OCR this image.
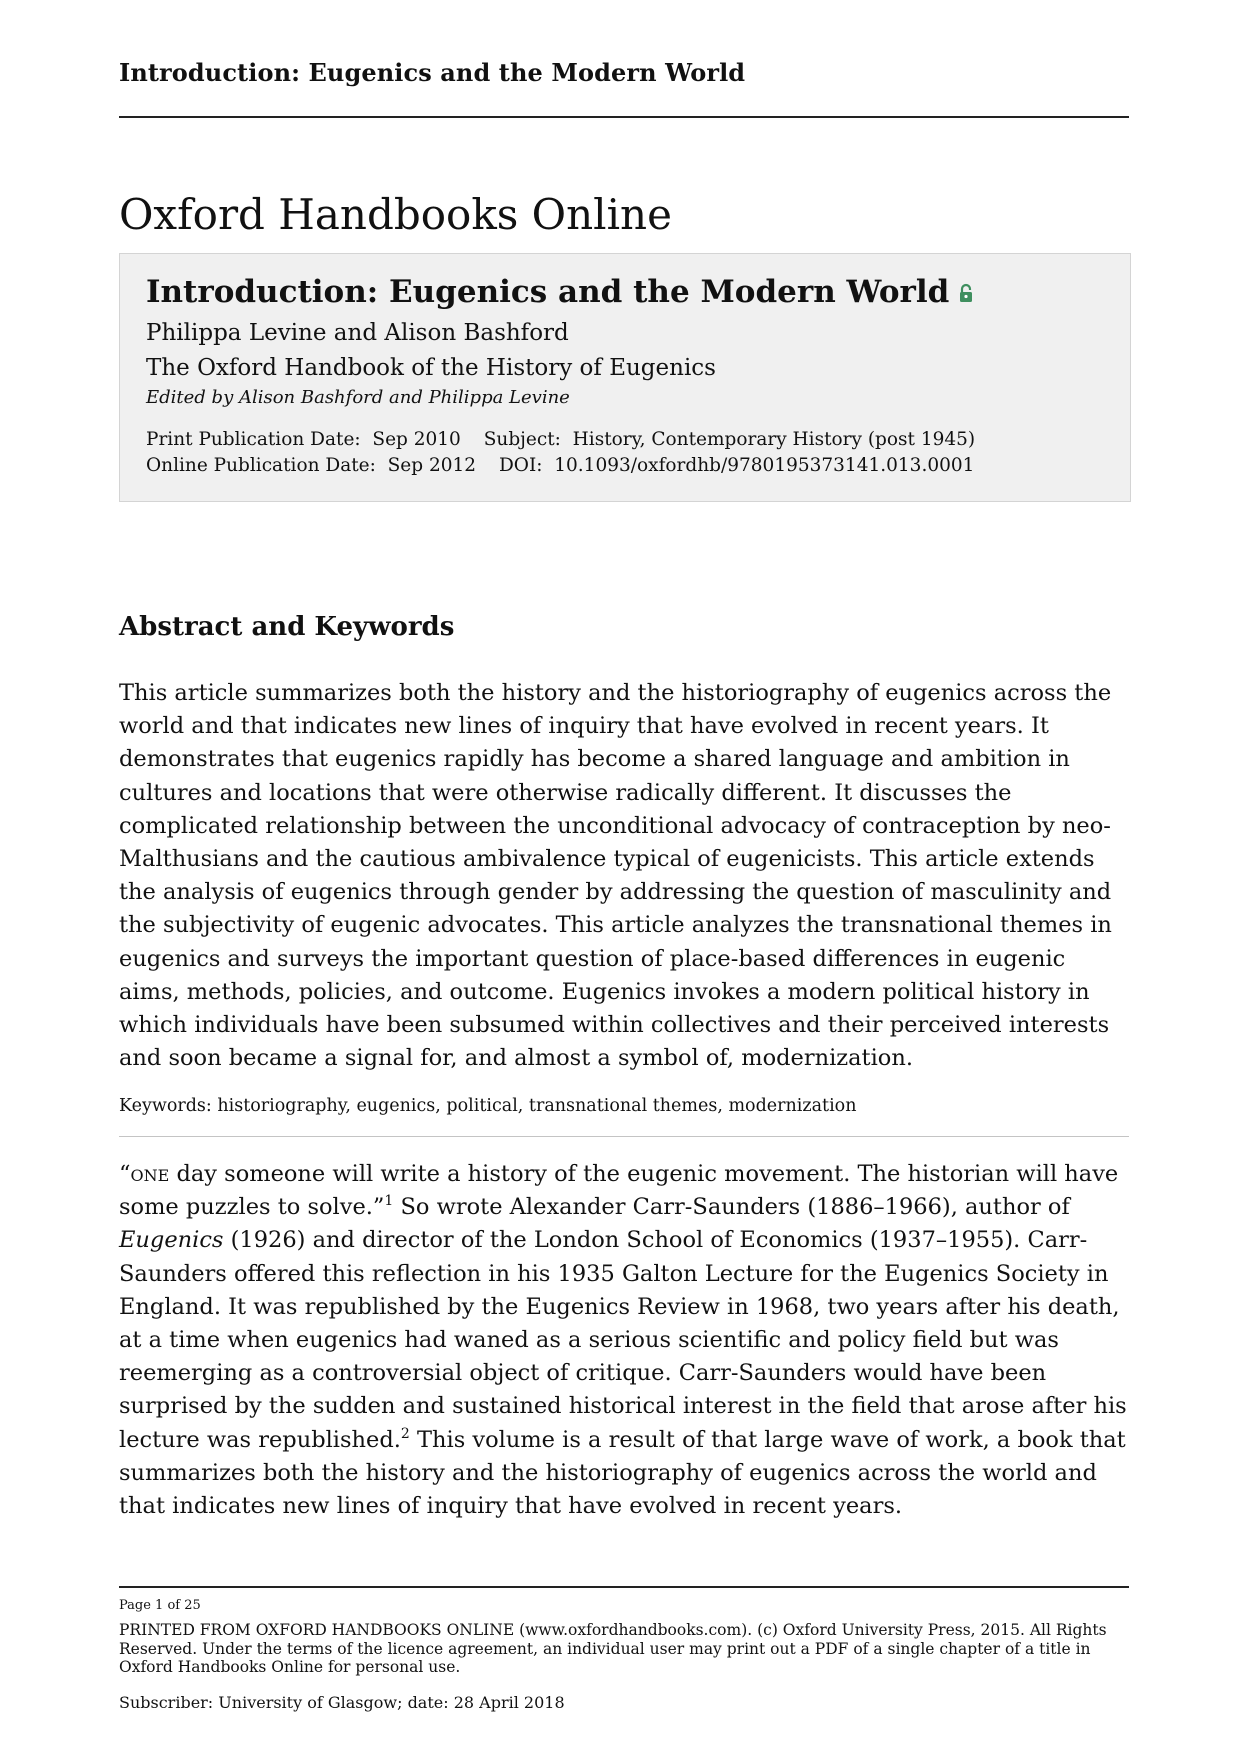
Introduction: Eugenics and the Modern World
Oxford Handbooks Online
Introduction: Eugenics and the Modern World
Philippa Levine and Alison Bashford
The Oxford Handbook of the History of Eugenics
Edited by Alison Bashford and Philippa Levine
Print Publication Date: Sep 2010 Subject: History, Contemporary History (post 1945)
Online Publication Date: Sep 2012 DOI: 10.1093/oxfordhb/9780195373141.013.0001
Abstract and Keywords
This article summarizes both the history and the historiography of eugenics across the world and that indicates new lines of inquiry that have evolved in recent years. It demonstrates that eugenics rapidly has become a shared language and ambition in cultures and locations that were otherwise radically different. It discusses the complicated relationship between the unconditional advocacy of contraception by neo-Malthusians and the cautious ambivalence typical of eugenicists. This article extends the analysis of eugenics through gender by addressing the question of masculinity and the subjectivity of eugenic advocates. This article analyzes the transnational themes in eugenics and surveys the important question of place-based differences in eugenic aims, methods, policies, and outcome. Eugenics invokes a modern political history in which individuals have been subsumed within collectives and their perceived interests and soon became a signal for, and almost a symbol of, modernization.
Keywords: historiography, eugenics, political, transnational themes, modernization
“one day someone will write a history of the eugenic movement. The historian will have some puzzles to solve.”$^1$ So wrote Alexander Carr-Saunders (1886–1966), author of Eugenics (1926) and director of the London School of Economics (1937–1955). Carr-Saunders offered this reflection in his 1935 Galton Lecture for the Eugenics Society in England. It was republished by the Eugenics Review in 1968, two years after his death, at a time when eugenics had waned as a serious scientific and policy field but was reemerging as a controversial object of critique. Carr-Saunders would have been surprised by the sudden and sustained historical interest in the field that arose after his lecture was republished.$^2$ This volume is a result of that large wave of work, a book that summarizes both the history and the historiography of eugenics across the world and that indicates new lines of inquiry that have evolved in recent years.
Page 1 of 25
PRINTED FROM OXFORD HANDBOOKS ONLINE (www.oxfordhandbooks.com). (c) Oxford University Press, 2015. All Rights Reserved. Under the terms of the licence agreement, an individual user may print out a PDF of a single chapter of a title in Oxford Handbooks Online for personal use.
Subscriber: University of Glasgow; date: 28 April 2018
